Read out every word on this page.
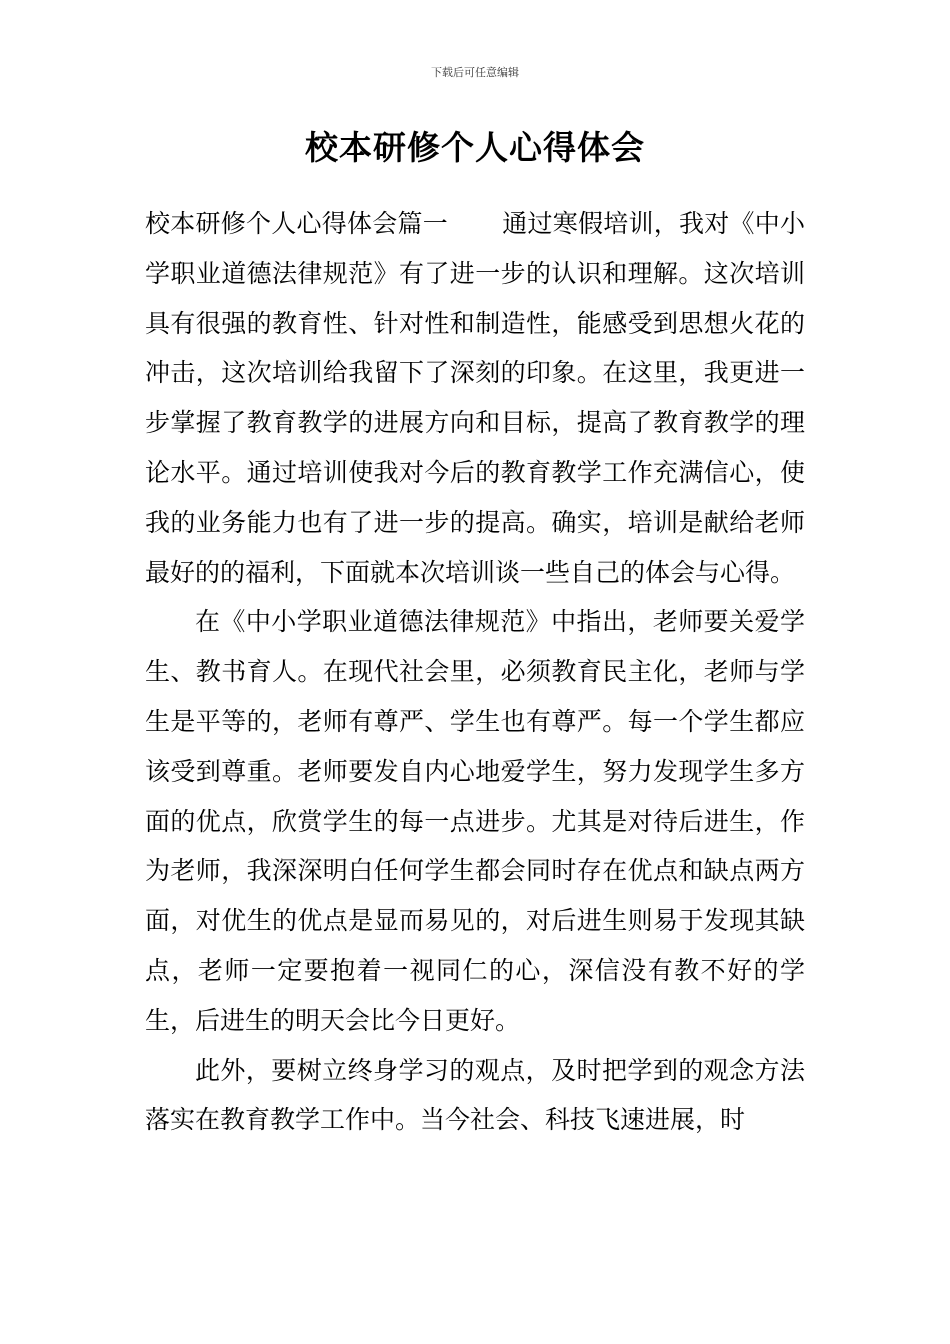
下载后可任意编辑
校本研修个人心得体会

校本研修个人心得体会篇一 通过寒假培训，我对《中小学职业道德法律规范》有了进一步的认识和理解。这次培训具有很强的教育性、针对性和制造性，能感受到思想火花的冲击，这次培训给我留下了深刻的印象。在这里，我更进一步掌握了教育教学的进展方向和目标，提高了教育教学的理论水平。通过培训使我对今后的教育教学工作充满信心，使我的业务能力也有了进一步的提高。确实，培训是献给老师最好的的福利，下面就本次培训谈一些自己的体会与心得。

在《中小学职业道德法律规范》中指出，老师要关爱学生、教书育人。在现代社会里，必须教育民主化，老师与学生是平等的，老师有尊严、学生也有尊严。每一个学生都应该受到尊重。老师要发自内心地爱学生，努力发现学生多方面的优点，欣赏学生的每一点进步。尤其是对待后进生，作为老师，我深深明白任何学生都会同时存在优点和缺点两方面，对优生的优点是显而易见的，对后进生则易于发现其缺点，老师一定要抱着一视同仁的心，深信没有教不好的学生，后进生的明天会比今日更好。

此外，要树立终身学习的观点，及时把学到的观念方法落实在教育教学工作中。当今社会、科技飞速进展，时
